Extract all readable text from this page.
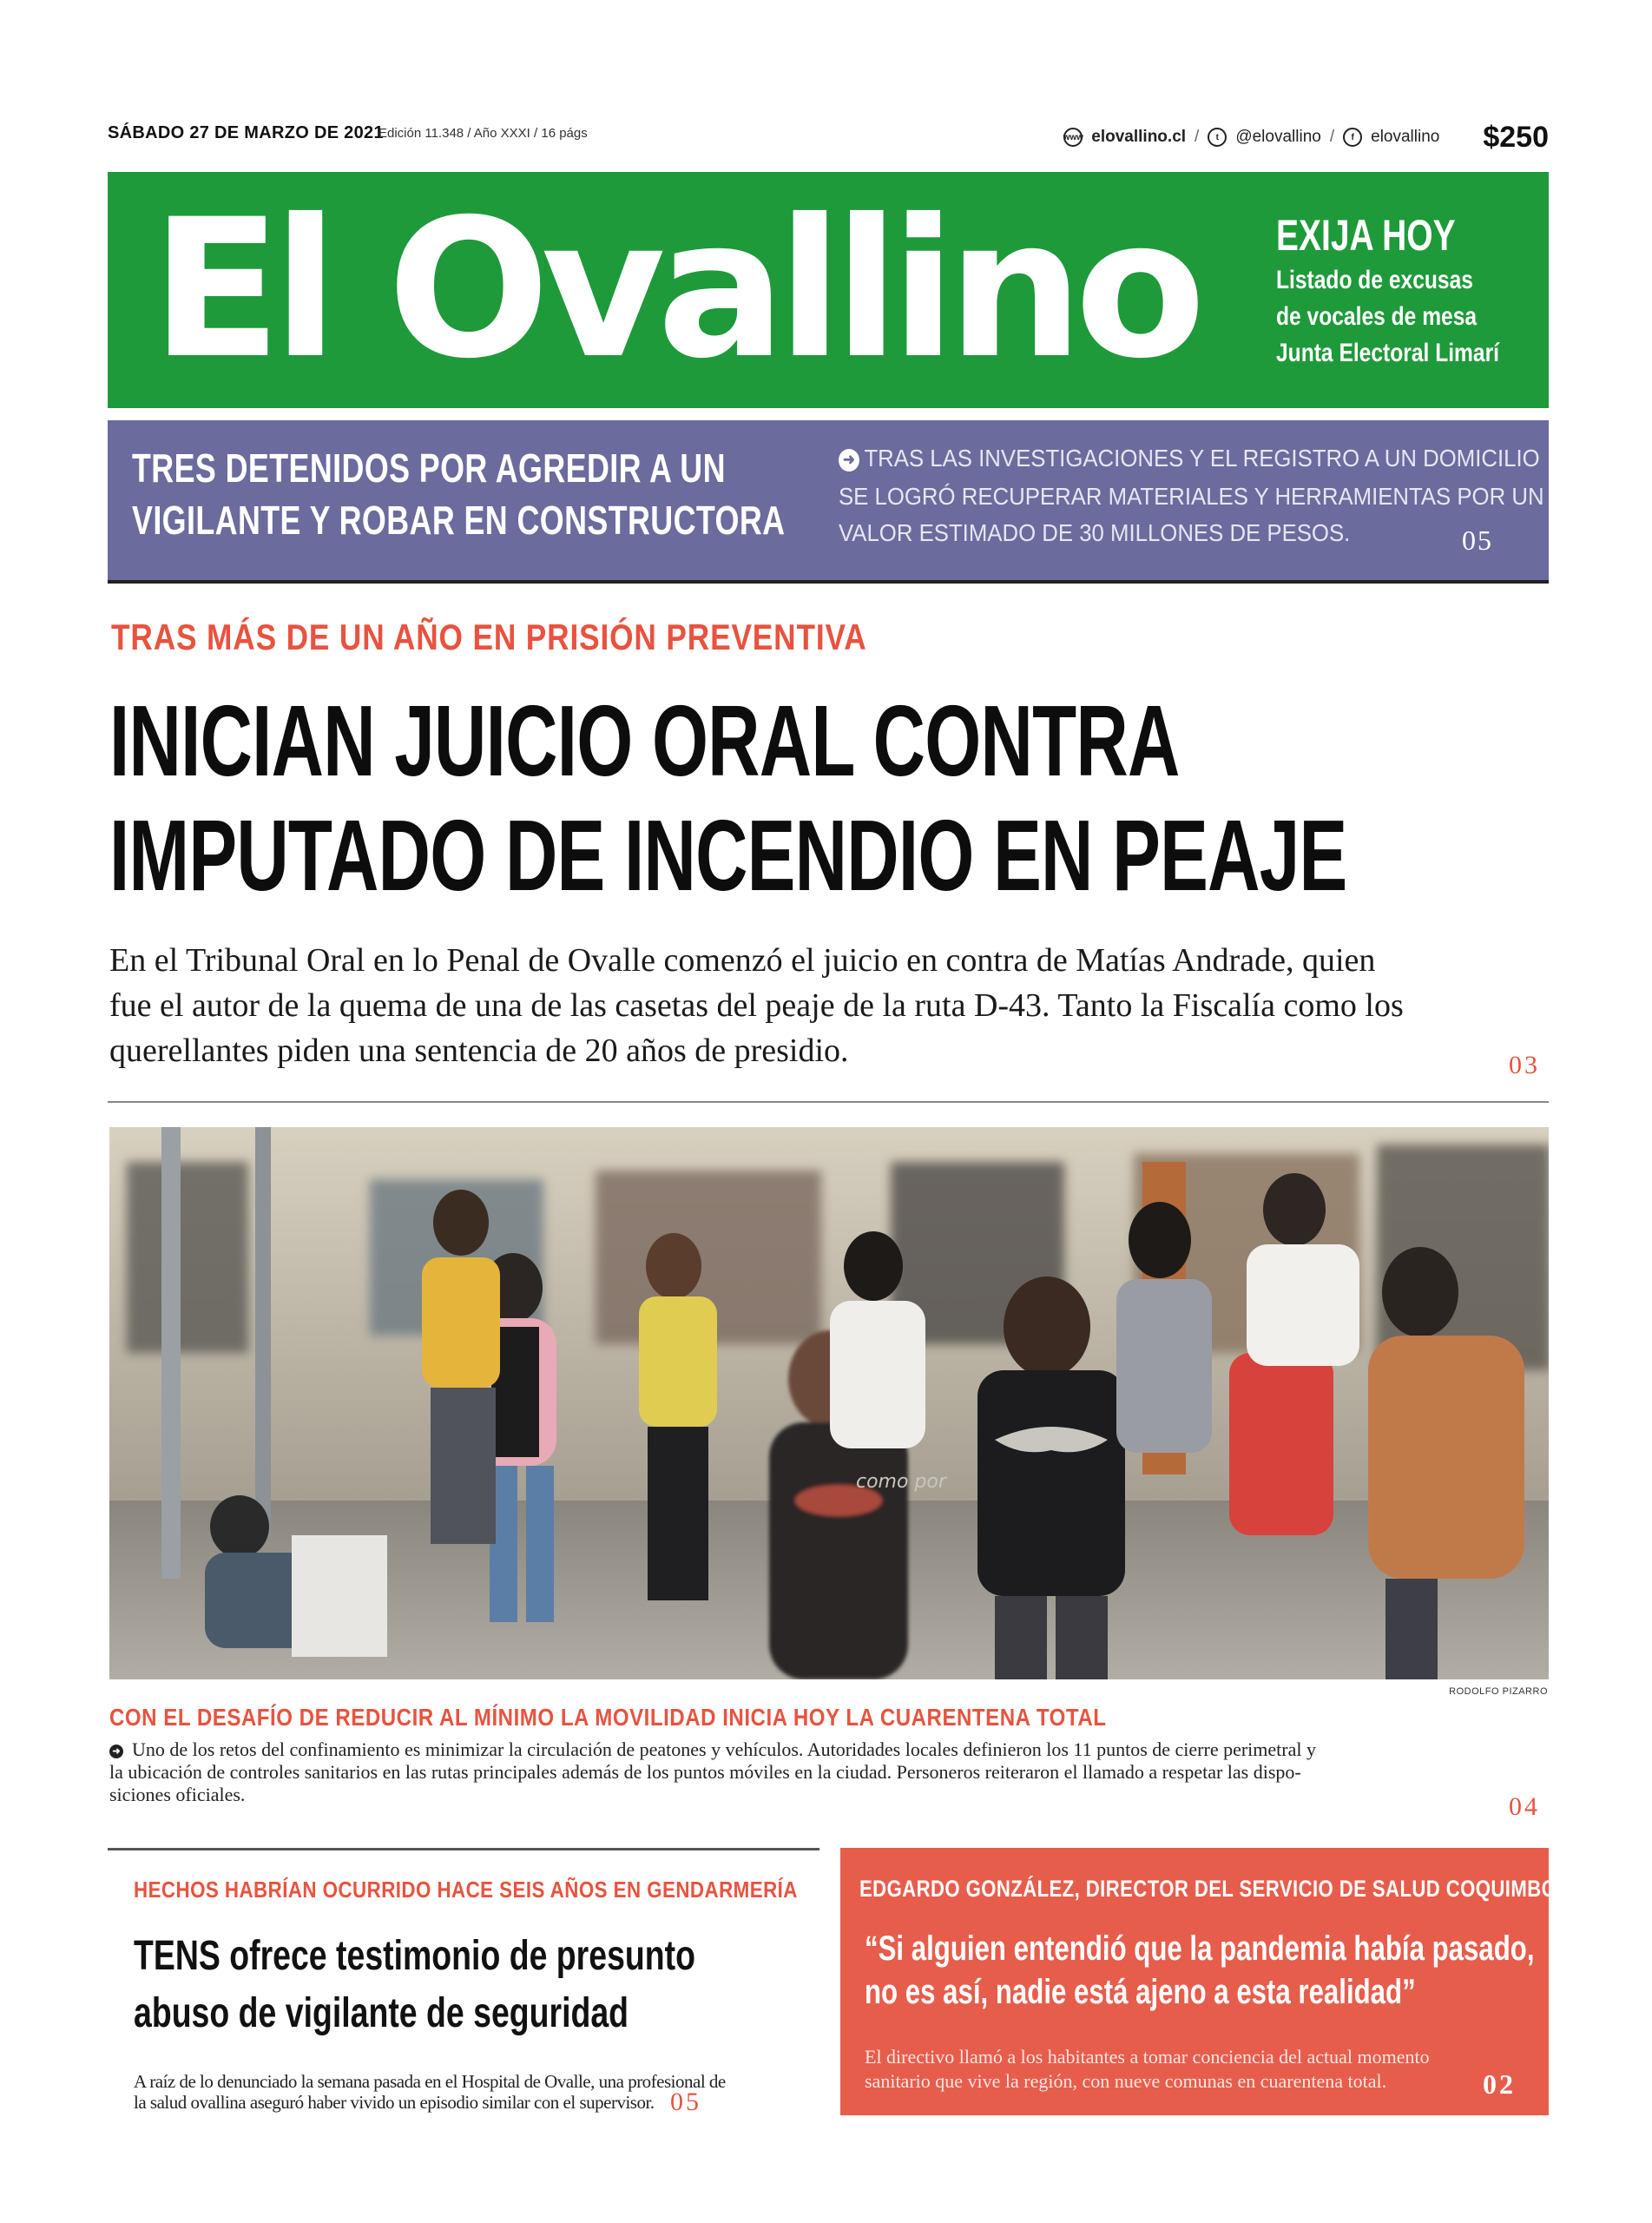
SÁBADO 27 DE MARZO DE 2021
Edición 11.348 / Año XXXI / 16 págs	www elovallino.cl /	t	@elovallino /	f	elovallino $250
El Ovallino EXIJA HOY
Listado de excusas
de vocales de mesa
Junta Electoral Limarí
TRES DETENIDOS POR AGREDIR A UN
VIGILANTE Y ROBAR EN CONSTRUCTORA
➜ TRAS LAS INVESTIGACIONES Y EL REGISTRO A UN DOMICILIO
SE LOGRÓ RECUPERAR MATERIALES Y HERRAMIENTAS POR UN
VALOR ESTIMADO DE 30 MILLONES DE PESOS.	05
TRAS MÁS DE UN AÑO EN PRISIÓN PREVENTIVA
INICIAN JUICIO ORAL CONTRA
IMPUTADO DE INCENDIO EN PEAJE
En el Tribunal Oral en lo Penal de Ovalle comenzó el juicio en contra de Matías Andrade, quien
fue el autor de la quema de una de las casetas del peaje de la ruta D-43. Tanto la Fiscalía como los
querellantes piden una sentencia de 20 años de presidio.	03
como por
RODOLFO PIZARRO
CON EL DESAFÍO DE REDUCIR AL MÍNIMO LA MOVILIDAD INICIA HOY LA CUARENTENA TOTAL
➜ Uno de los retos del confinamiento es minimizar la circulación de peatones y vehículos. Autoridades locales definieron los 11 puntos de cierre perimetral y
la ubicación de controles sanitarios en las rutas principales además de los puntos móviles en la ciudad. Personeros reiteraron el llamado a respetar las dispo-
siciones oficiales.	04
HECHOS HABRÍAN OCURRIDO HACE SEIS AÑOS EN GENDARMERÍA
TENS ofrece testimonio de presunto
abuso de vigilante de seguridad
A raíz de lo denunciado la semana pasada en el Hospital de Ovalle, una profesional de
la salud ovallina aseguró haber vivido un episodio similar con el supervisor. 05
EDGARDO GONZÁLEZ, DIRECTOR DEL SERVICIO DE SALUD COQUIMBO
“Si alguien entendió que la pandemia había pasado,
no es así, nadie está ajeno a esta realidad”
El directivo llamó a los habitantes a tomar conciencia del actual momento
sanitario que vive la región, con nueve comunas en cuarentena total.	02
